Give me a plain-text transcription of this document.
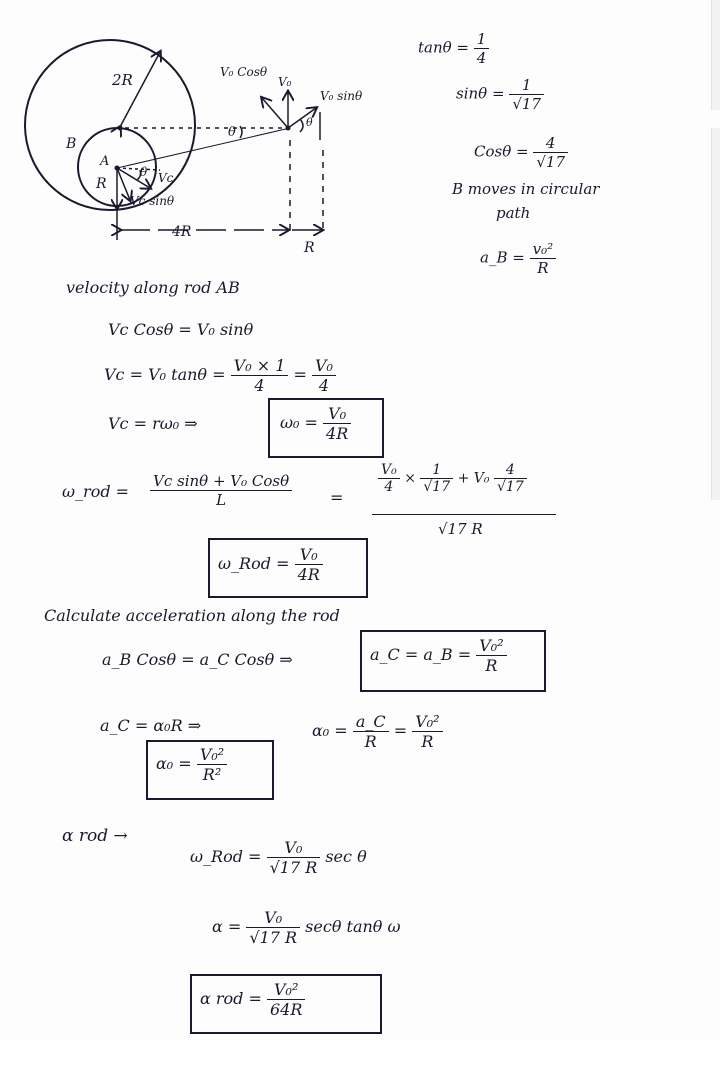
2R
B
A
R
θ Vc
Vc sinθ
θ
V₀ Cosθ
V₀
V₀ sinθ
θ
4R
R
$\tan\theta = \frac{1}{4}$
$\sin\theta = \frac{1}{√17}$
$Cos\theta = \frac{4}{√17}$
B moves in circular
path
a_B = $\frac{\text{v₀²}}{R}$
velocity along rod AB
Vc Cosθ = V₀ sinθ
Vc = V₀ $\tan\theta = \frac{\text{V₀ × 1}}{4} = \frac{\text{V₀}}{4}$
Vc = rω₀ ⇒	$\omega_0 = \frac{\text{V₀}}{4R}$
ω_rod = $\frac{\text{Vc sinθ + V₀ Cosθ}}{L}$ =
$\frac{\text{V₀}}{4} \times \frac{1}{√17} + V_0 \frac{4}{√17}$
√17 R
ω_Rod = $\frac{\text{V₀}}{4R}$
Calculate acceleration along the rod
a_B Cosθ = a_C Cosθ ⇒	a_C = a_B = $\frac{\text{V₀²}}{R}$
a_C = α₀R ⇒	$\alpha_0 = \frac{a\_C}{R} = \frac{\text{V₀²}}{R}$
$\alpha_0 = \frac{\text{V₀²}}{\text{R²}}$
α rod →
ω_Rod = $\frac{\text{V₀}}{√17 R}$ sec θ
$\alpha = \frac{\text{V₀}}{√17 R}$ secθ tanθ ω
α rod = $\frac{\text{V₀²}}{64R}$
